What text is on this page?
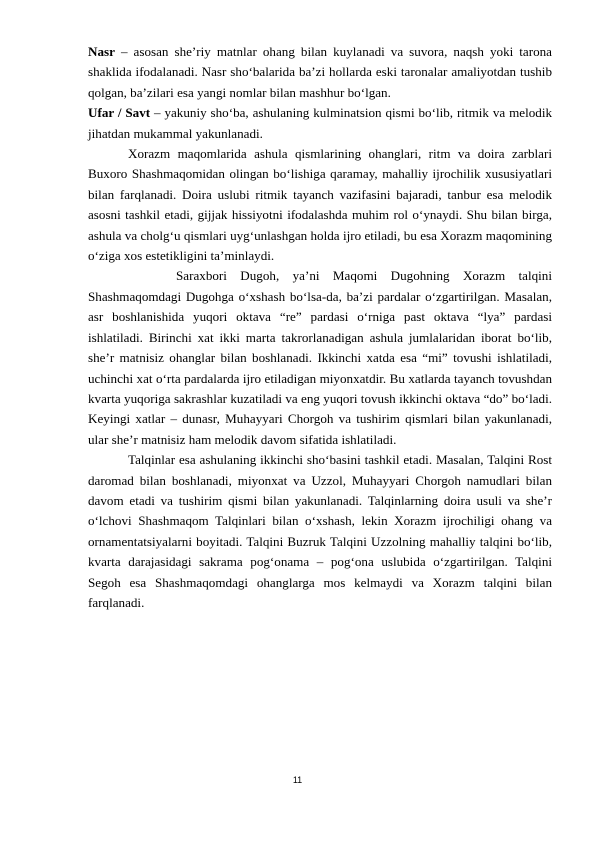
Nasr – asosan she’riy matnlar ohang bilan kuylanadi va suvora, naqsh yoki tarona shaklida ifodalanadi. Nasr sho‘balarida ba’zi hollarda eski taronalar amaliyotdan tushib qolgan, ba’zilari esa yangi nomlar bilan mashhur bo‘lgan.

Ufar / Savt – yakuniy sho‘ba, ashulaning kulminatsion qismi bo‘lib, ritmik va melodik jihatdan mukammal yakunlanadi.

Xorazm maqomlarida ashula qismlarining ohanglari, ritm va doira zarblari Buxoro Shashmaqomidan olingan bo‘lishiga qaramay, mahalliy ijrochilik xususiyatlari bilan farqlanadi. Doira uslubi ritmik tayanch vazifasini bajaradi, tanbur esa melodik asosni tashkil etadi, gijjak hissiyotni ifodalashda muhim rol o‘ynaydi. Shu bilan birga, ashula va cholg‘u qismlari uyg‘unlashgan holda ijro etiladi, bu esa Xorazm maqomining o‘ziga xos estetikligini ta’minlaydi.

Saraxbori Dugoh, ya’ni Maqomi Dugohning Xorazm talqini Shashmaqomdagi Dugohga o‘xshash bo‘lsa-da, ba’zi pardalar o‘zgartirilgan. Masalan, asr boshlanishida yuqori oktava “re” pardasi o‘rniga past oktava “lya” pardasi ishlatiladi. Birinchi xat ikki marta takrorlanadigan ashula jumlalaridan iborat bo‘lib, she’r matnisiz ohanglar bilan boshlanadi. Ikkinchi xatda esa “mi” tovushi ishlatiladi, uchinchi xat o‘rta pardalarda ijro etiladigan miyonxatdir. Bu xatlarda tayanch tovushdan kvarta yuqoriga sakrashlar kuzatiladi va eng yuqori tovush ikkinchi oktava “do” bo‘ladi. Keyingi xatlar – dunasr, Muhayyari Chorgoh va tushirim qismlari bilan yakunlanadi, ular she’r matnisiz ham melodik davom sifatida ishlatiladi.

Talqinlar esa ashulaning ikkinchi sho‘basini tashkil etadi. Masalan, Talqini Rost daromad bilan boshlanadi, miyonxat va Uzzol, Muhayyari Chorgoh namudlari bilan davom etadi va tushirim qismi bilan yakunlanadi. Talqinlarning doira usuli va she’r o‘lchovi Shashmaqom Talqinlari bilan o‘xshash, lekin Xorazm ijrochiligi ohang va ornamentatsiyalarni boyitadi. Talqini Buzruk Talqini Uzzolning mahalliy talqini bo‘lib, kvarta darajasidagi sakrama pog‘onama – pog‘ona uslubida o‘zgartirilgan. Talqini Segoh esa Shashmaqomdagi ohanglarga mos kelmaydi va Xorazm talqini bilan farqlanadi.

11
